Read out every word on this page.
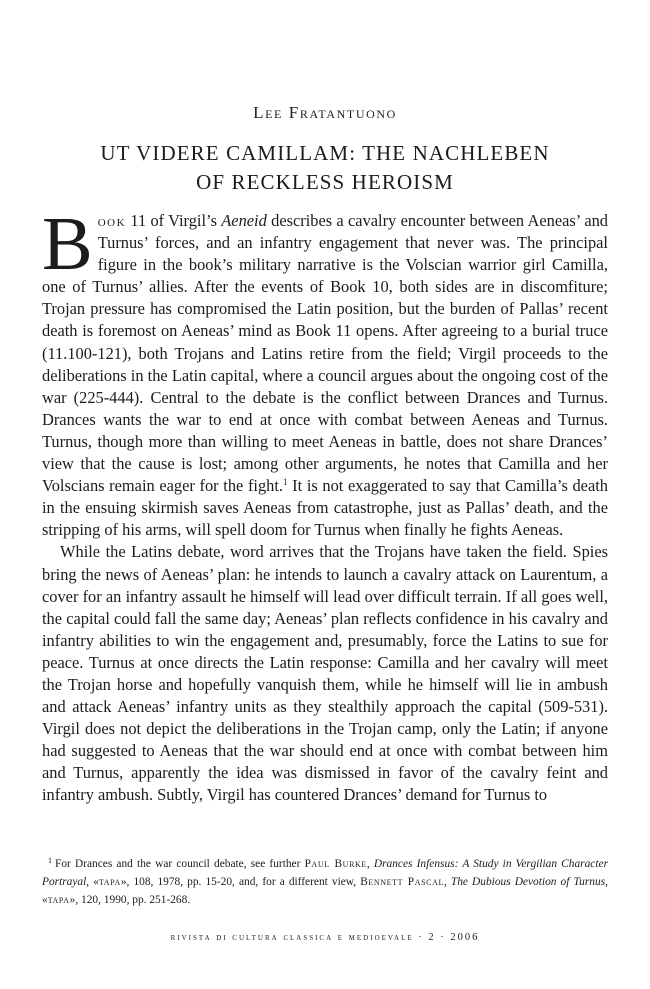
Lee Fratantuono
UT VIDERE CAMILLAM: THE NACHLEBEN
OF RECKLESS HEROISM

Book 11 of Virgil’s Aeneid describes a cavalry encounter between Aeneas’ and Turnus’ forces, and an infantry engagement that never was. The principal figure in the book’s military narrative is the Volscian warrior girl Camilla, one of Turnus’ allies. After the events of Book 10, both sides are in discomfiture; Trojan pressure has compromised the Latin position, but the burden of Pallas’ recent death is foremost on Aeneas’ mind as Book 11 opens. After agreeing to a burial truce (11.100-121), both Trojans and Latins retire from the field; Virgil proceeds to the deliberations in the Latin capital, where a council argues about the ongoing cost of the war (225-444). Central to the debate is the conflict between Drances and Turnus. Drances wants the war to end at once with combat between Aeneas and Turnus. Turnus, though more than willing to meet Aeneas in battle, does not share Drances’ view that the cause is lost; among other arguments, he notes that Camilla and her Volscians remain eager for the fight.$^1$ It is not exaggerated to say that Camilla’s death in the ensuing skirmish saves Aeneas from catastrophe, just as Pallas’ death, and the stripping of his arms, will spell doom for Turnus when finally he fights Aeneas.

While the Latins debate, word arrives that the Trojans have taken the field. Spies bring the news of Aeneas’ plan: he intends to launch a cavalry attack on Laurentum, a cover for an infantry assault he himself will lead over difficult terrain. If all goes well, the capital could fall the same day; Aeneas’ plan reflects confidence in his cavalry and infantry abilities to win the engagement and, presumably, force the Latins to sue for peace. Turnus at once directs the Latin response: Camilla and her cavalry will meet the Trojan horse and hopefully vanquish them, while he himself will lie in ambush and attack Aeneas’ infantry units as they stealthily approach the capital (509-531). Virgil does not depict the deliberations in the Trojan camp, only the Latin; if anyone had suggested to Aeneas that the war should end at once with combat between him and Turnus, apparently the idea was dismissed in favor of the cavalry feint and infantry ambush. Subtly, Virgil has countered Drances’ demand for Turnus to

$^1$ For Drances and the war council debate, see further Paul Burke, Drances Infensus: A Study in Vergilian Character Portrayal, «tapa», 108, 1978, pp. 15-20, and, for a different view, Bennett Pascal, The Dubious Devotion of Turnus, «tapa», 120, 1990, pp. 251-268.
rivista di cultura classica e medioevale · 2 · 2006
